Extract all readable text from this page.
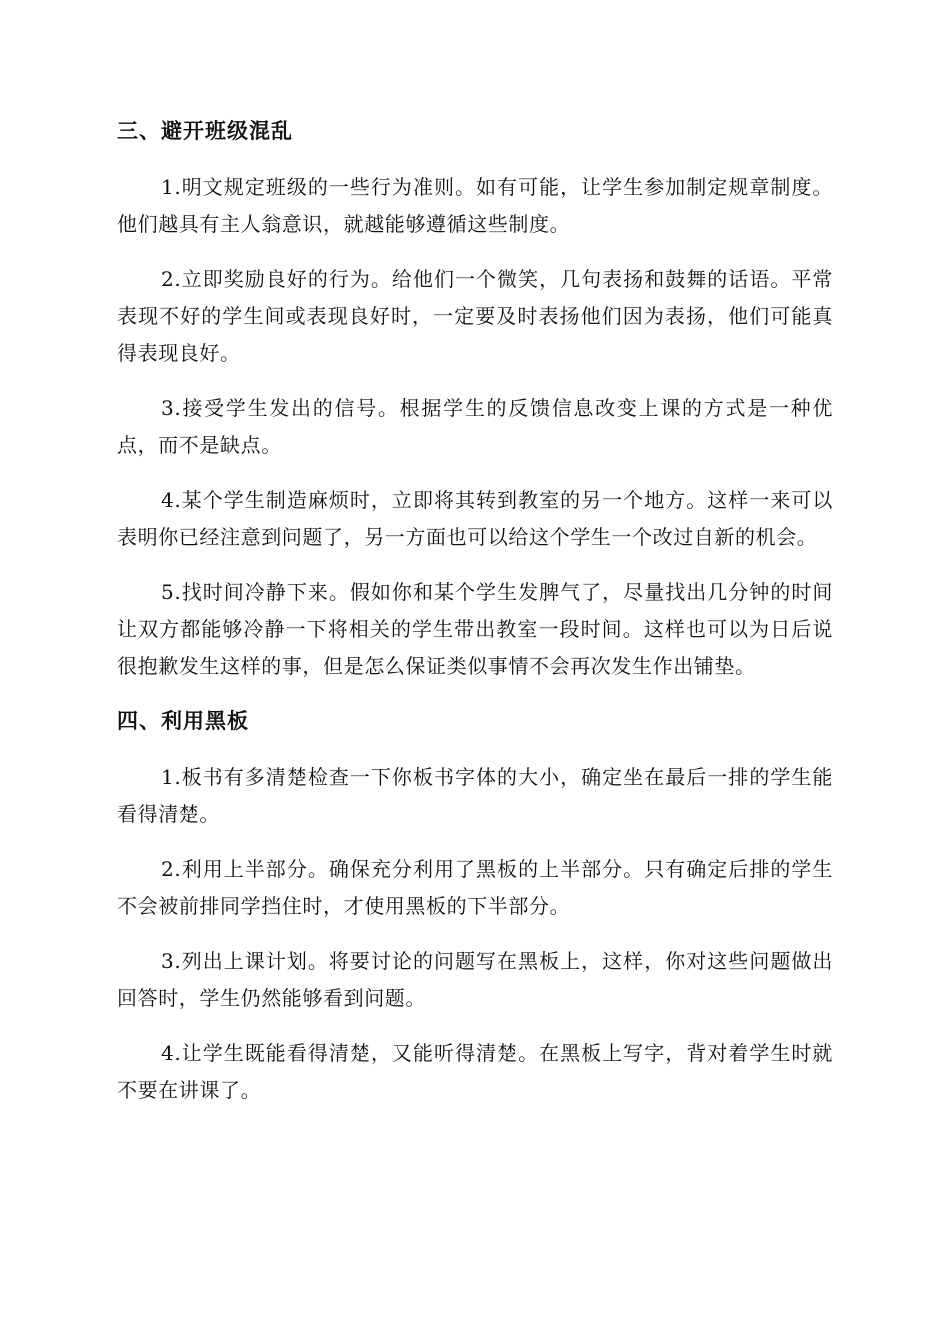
三、避开班级混乱

1.明文规定班级的一些行为准则。如有可能，让学生参加制定规章制度。他们越具有主人翁意识，就越能够遵循这些制度。

2.立即奖励良好的行为。给他们一个微笑，几句表扬和鼓舞的话语。平常表现不好的学生间或表现良好时，一定要及时表扬他们因为表扬，他们可能真得表现良好。

3.接受学生发出的信号。根据学生的反馈信息改变上课的方式是一种优点，而不是缺点。

4.某个学生制造麻烦时，立即将其转到教室的另一个地方。这样一来可以表明你已经注意到问题了，另一方面也可以给这个学生一个改过自新的机会。

5.找时间冷静下来。假如你和某个学生发脾气了，尽量找出几分钟的时间让双方都能够冷静一下将相关的学生带出教室一段时间。这样也可以为日后说很抱歉发生这样的事，但是怎么保证类似事情不会再次发生作出铺垫。

四、利用黑板

1.板书有多清楚检查一下你板书字体的大小，确定坐在最后一排的学生能看得清楚。

2.利用上半部分。确保充分利用了黑板的上半部分。只有确定后排的学生不会被前排同学挡住时，才使用黑板的下半部分。

3.列出上课计划。将要讨论的问题写在黑板上，这样，你对这些问题做出回答时，学生仍然能够看到问题。

4.让学生既能看得清楚，又能听得清楚。在黑板上写字，背对着学生时就不要在讲课了。
